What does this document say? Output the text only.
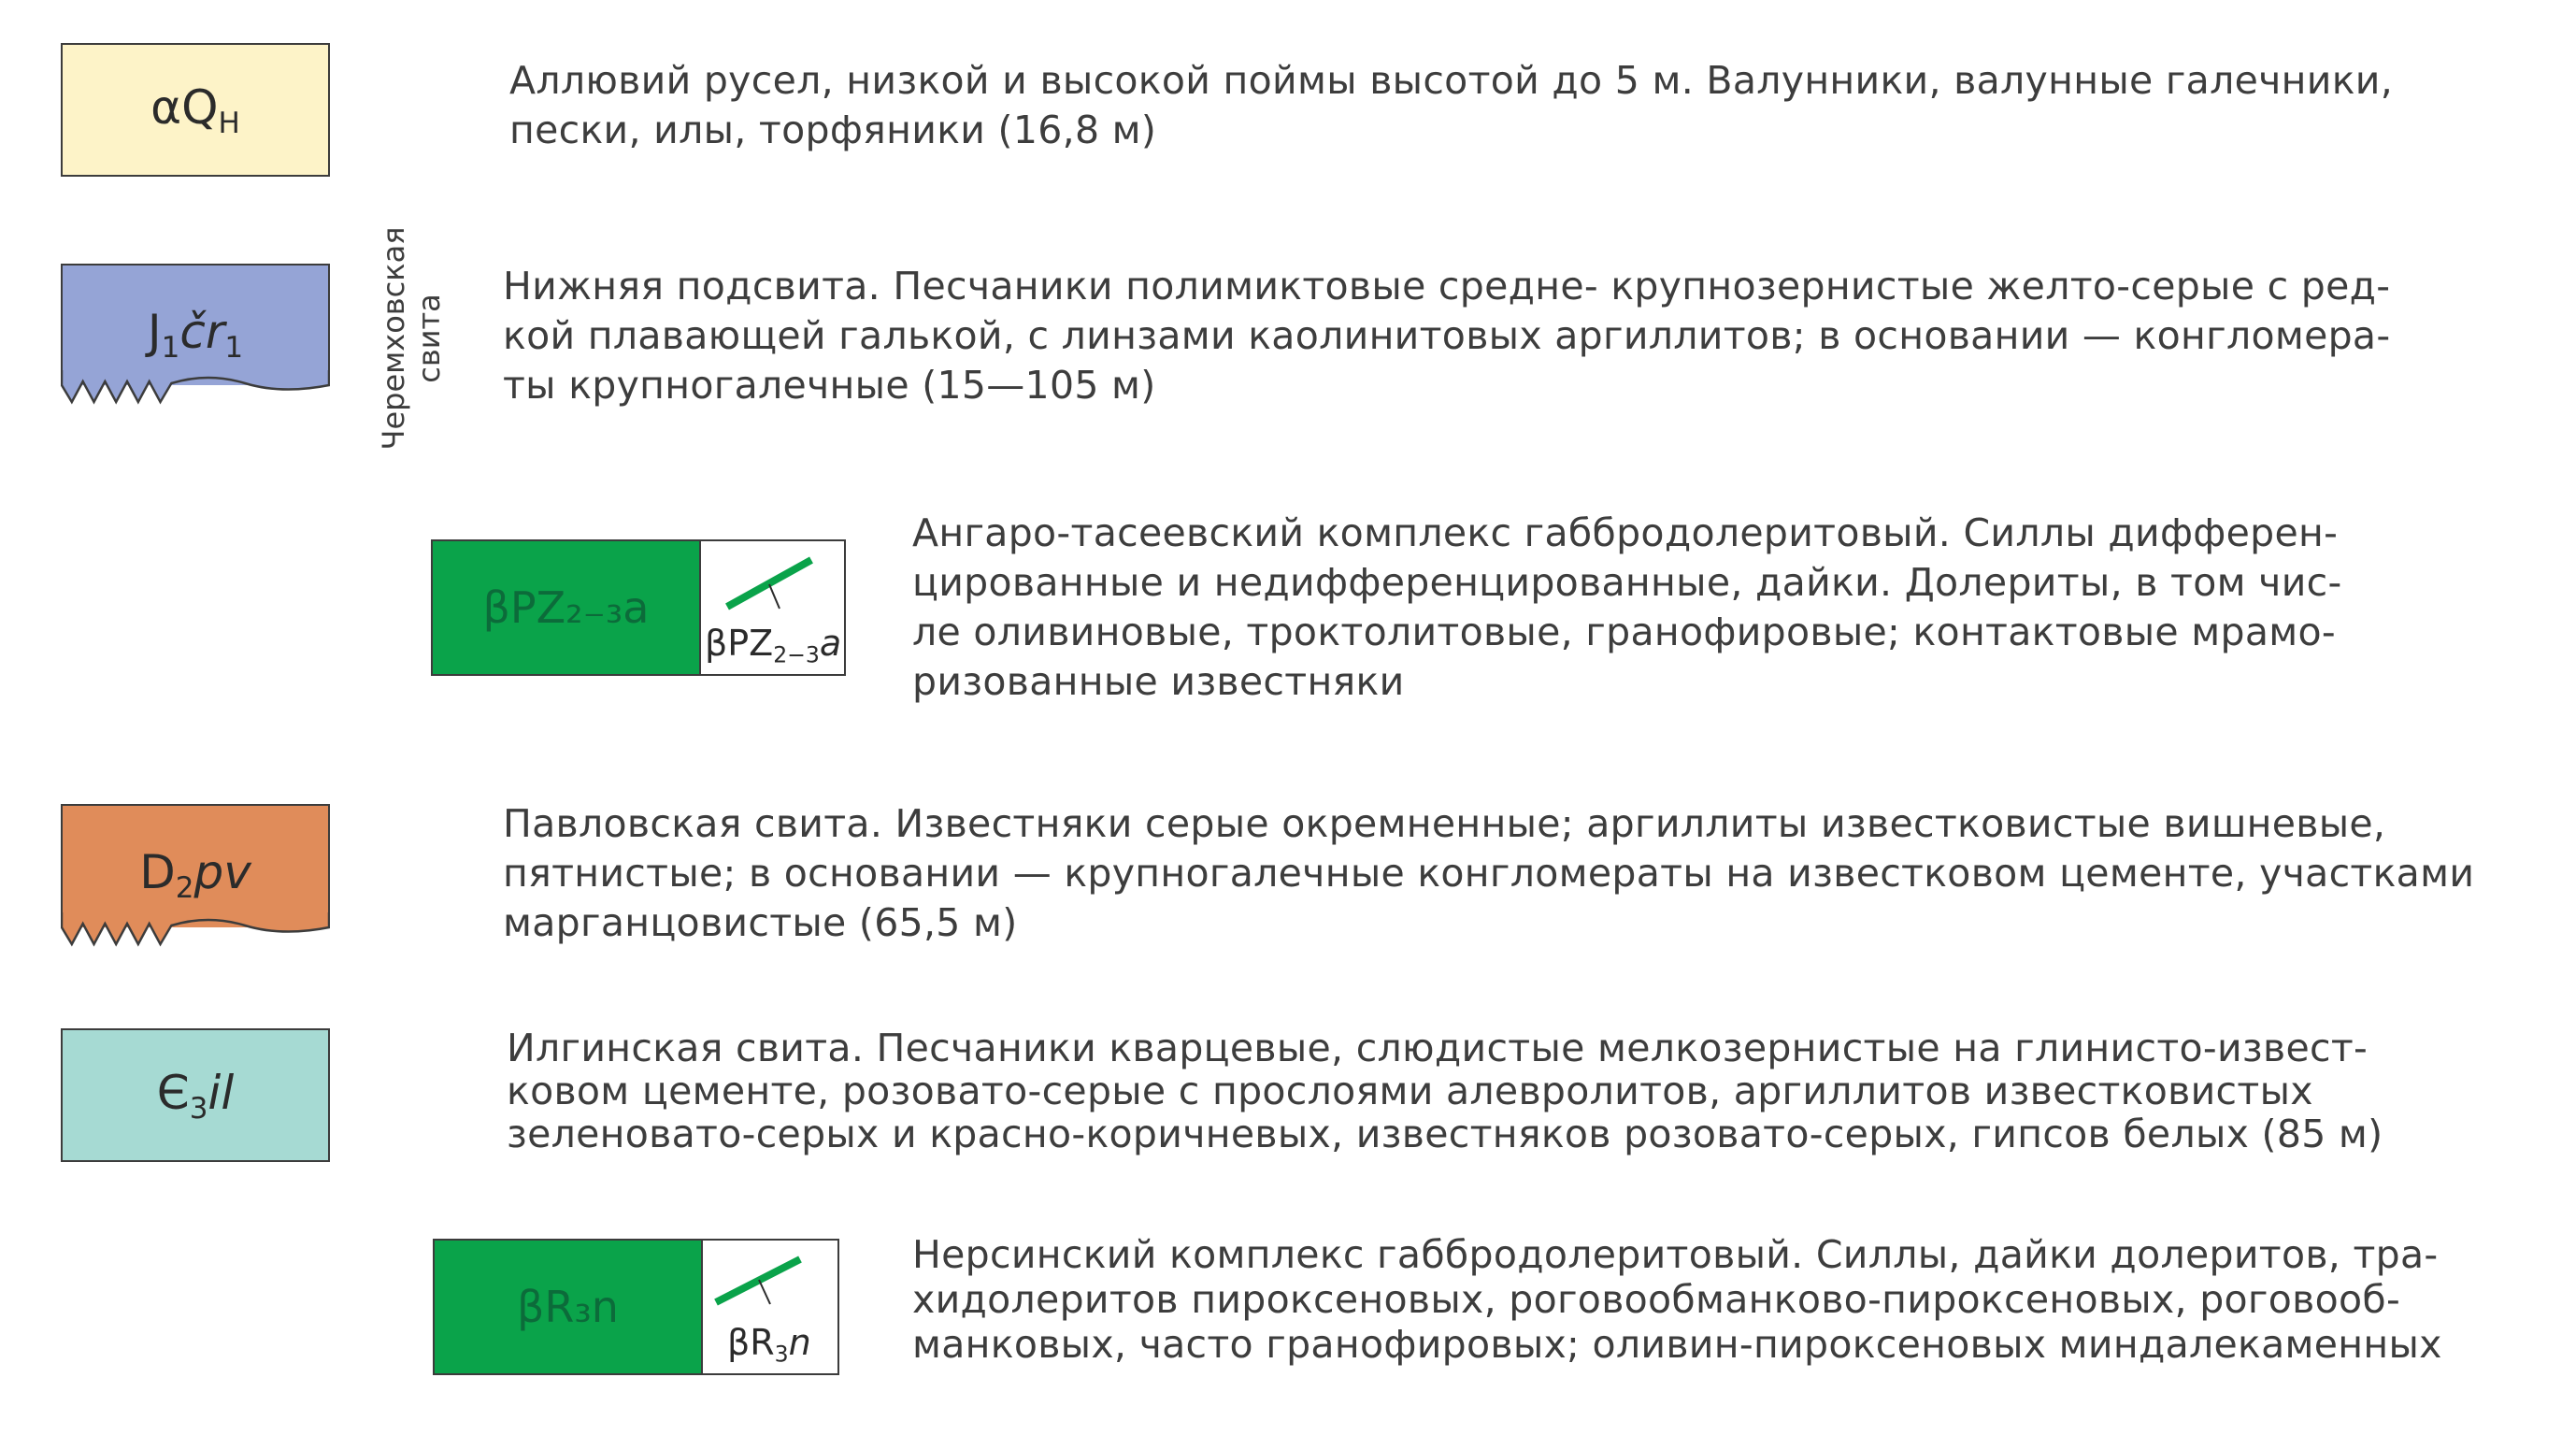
$\alpha Q_H$
Аллювий русел, низкой и высокой поймы высотой до 5 м. Валунники, валунные галечники,
пески, илы, торфяники (16,8 м)
$J_1čr_1$	Черемховская свита
Нижняя подсвита. Песчаники полимиктовые средне- крупнозернистые желто-серые с ред-
кой плавающей галькой, с линзами каолинитовых аргиллитов; в основании — конгломера-
ты крупногалечные (15—105 м)
βPZ₂₋₃a
βPZ$_{2-3}$a
Ангаро-тасеевский комплекс габбродолеритовый. Силлы дифферен-
цированные и недифференцированные, дайки. Долериты, в том чис-
ле оливиновые, троктолитовые, гранофировые; контактовые мрамо-
ризованные известняки
$D_2pv$
Павловская свита. Известняки серые окремненные; аргиллиты известковистые вишневые,
пятнистые; в основании — крупногалечные конгломераты на известковом цементе, участками
марганцовистые (65,5 м)
$Є_3il$
Илгинская свита. Песчаники кварцевые, слюдистые мелкозернистые на глинисто-извест-
ковом цементе, розовато-серые с прослоями алевролитов, аргиллитов известковистых
зеленовато-серых и красно-коричневых, известняков розовато-серых, гипсов белых (85 м)
βR₃n
$\beta R_3n$
Нерсинский комплекс габбродолеритовый. Силлы, дайки долеритов, тра-
хидолеритов пироксеновых, роговообманково-пироксеновых, роговооб-
манковых, часто гранофировых; оливин-пироксеновых миндалекаменных
